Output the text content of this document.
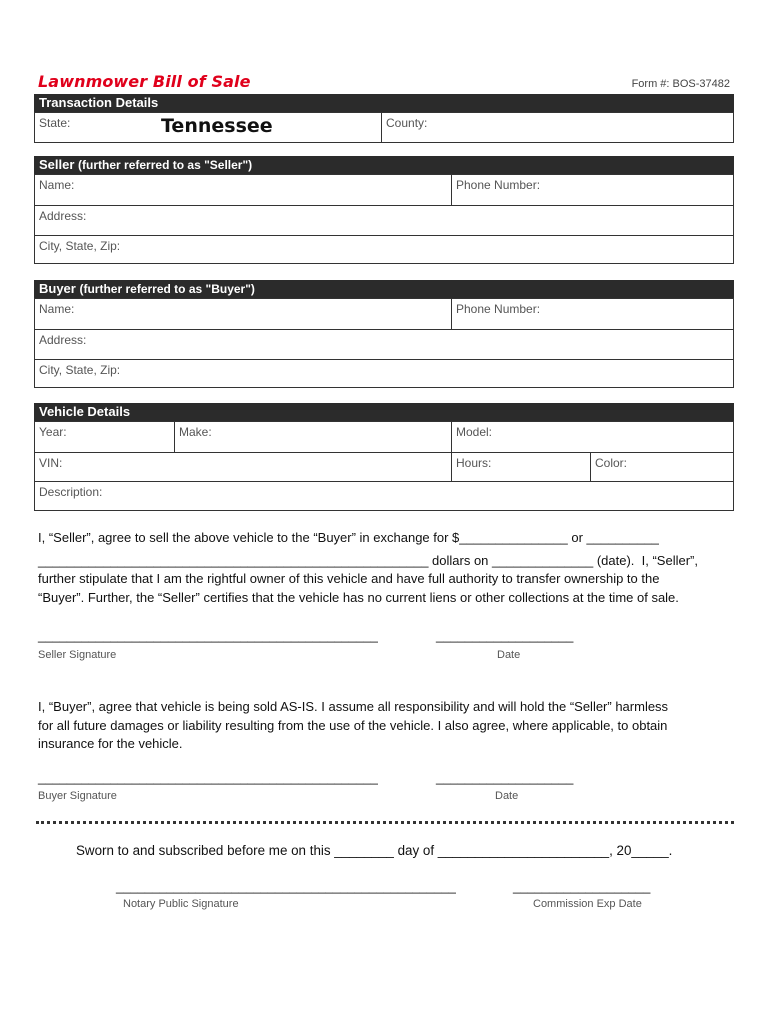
Lawnmower Bill of Sale	Form #: BOS-37482
Transaction Details
State:	Tennessee	County:
Seller (further referred to as "Seller")
Name:	Phone Number:
Address:
City, State, Zip:
Buyer (further referred to as "Buyer")
Name:	Phone Number:
Address:
City, State, Zip:
Vehicle Details
Year:	Make:	Model:
VIN:	Hours:	Color:
Description:
I, “Seller”, agree to sell the above vehicle to the “Buyer” in exchange for $_______________ or __________
______________________________________________________ dollars on ______________ (date).  I, “Seller”,
further stipulate that I am the rightful owner of this vehicle and have full authority to transfer ownership to the
“Buyer”. Further, the “Seller” certifies that the vehicle has no current liens or other collections at the time of sale.
_______________________________________________
Seller Signature
___________________
Date
I, “Buyer”, agree that vehicle is being sold AS-IS. I assume all responsibility and will hold the “Seller” harmless
for all future damages or liability resulting from the use of the vehicle. I also agree, where applicable, to obtain
insurance for the vehicle.
_______________________________________________
Buyer Signature
___________________
Date
Sworn to and subscribed before me on this ________ day of _______________________, 20_____.
_______________________________________________
Notary Public Signature
___________________
Commission Exp Date
